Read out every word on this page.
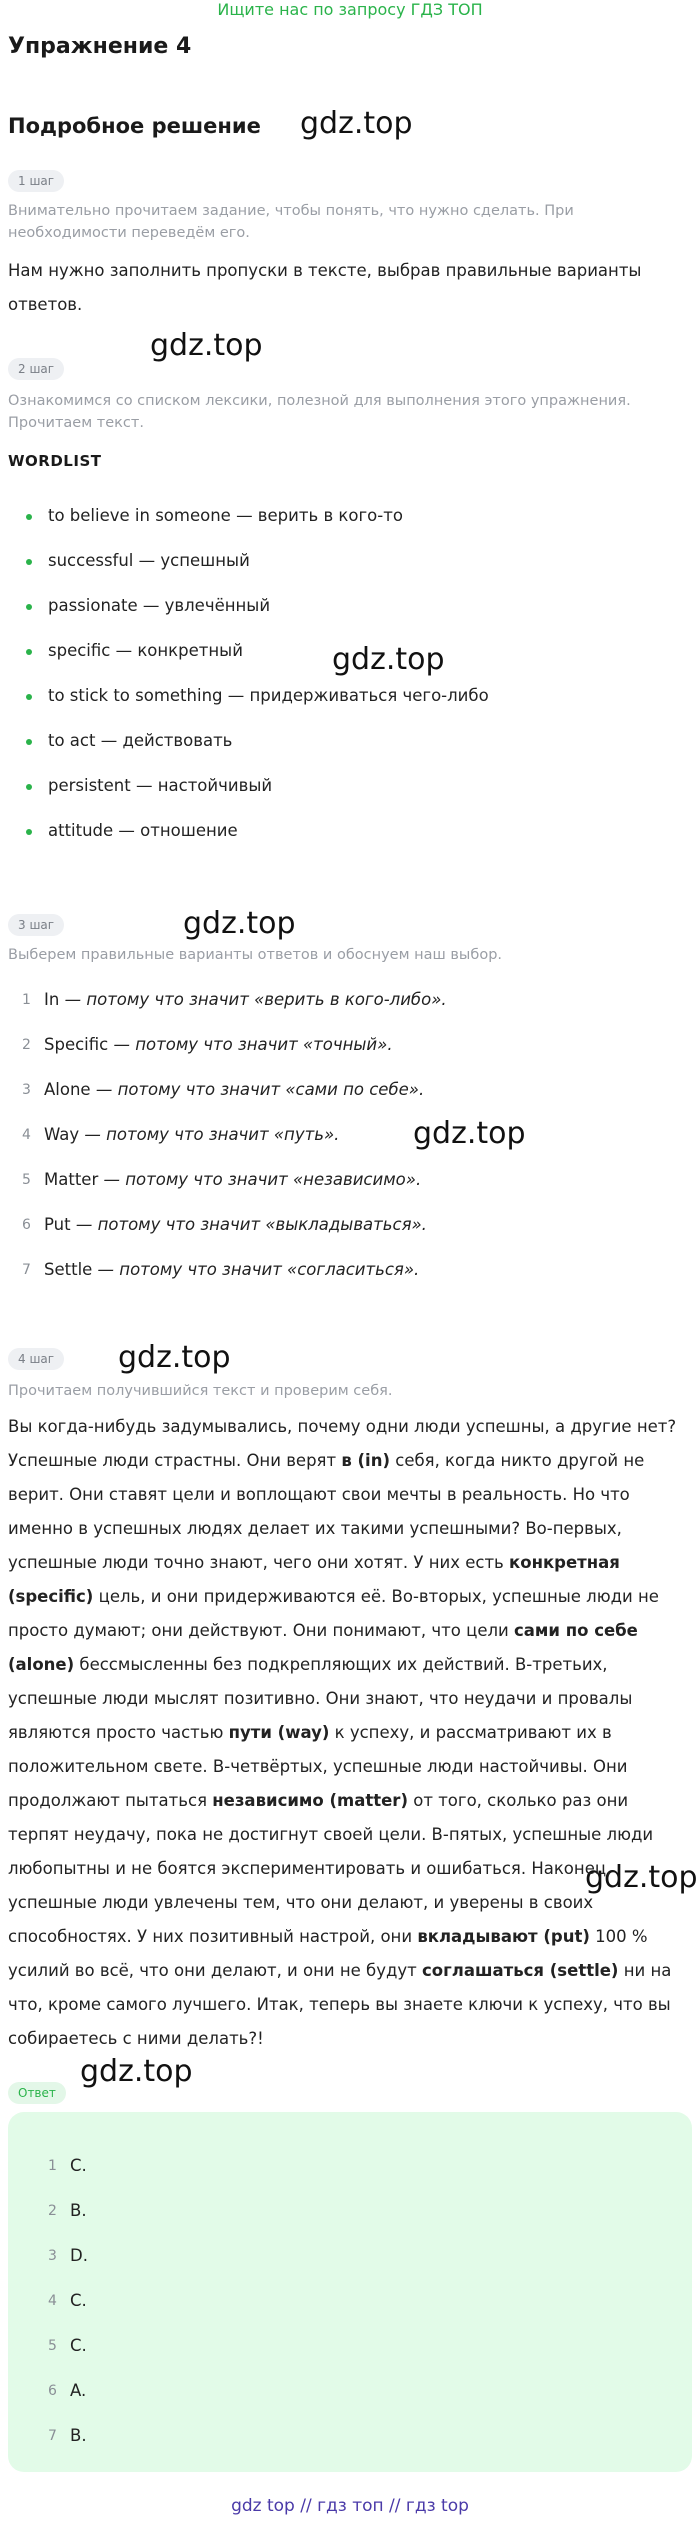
Ищите нас по запросу ГДЗ ТОП
Упражнение 4
Подробное решение gdz.top
gdz.top
gdz.top
gdz.top
gdz.top
gdz.top
gdz.top
gdz.top
1 шаг
Внимательно прочитаем задание, чтобы понять, что нужно сделать. При необходимости переведём его.
Нам нужно заполнить пропуски в тексте, выбрав правильные варианты ответов.
2 шаг
Ознакомимся со списком лексики, полезной для выполнения этого упражнения. Прочитаем текст.
WORDLIST
to believe in someone — верить в кого-то
successful — успешный
passionate — увлечённый
specific — конкретный
to stick to something — придерживаться чего-либо
to act — действовать
persistent — настойчивый
attitude — отношение
3 шаг
Выберем правильные варианты ответов и обоснуем наш выбор.
1 In — потому что значит «верить в кого-либо».
2 Specific — потому что значит «точный».
3 Alone — потому что значит «сами по себе».
4 Way — потому что значит «путь».
5 Matter — потому что значит «независимо».
6 Put — потому что значит «выкладываться».
7 Settle — потому что значит «согласиться».
4 шаг
Прочитаем получившийся текст и проверим себя.
Вы когда-нибудь задумывались, почему одни люди успешны, а другие нет? Успешные люди страстны. Они верят в (in) себя, когда никто другой не верит. Они ставят цели и воплощают свои мечты в реальность. Но что именно в успешных людях делает их такими успешными? Во-первых, успешные люди точно знают, чего они хотят. У них есть конкретная (specific) цель, и они придерживаются её. Во-вторых, успешные люди не просто думают; они действуют. Они понимают, что цели сами по себе (alone) бессмысленны без подкрепляющих их действий. В-третьих, успешные люди мыслят позитивно. Они знают, что неудачи и провалы являются просто частью пути (way) к успеху, и рассматривают их в положительном свете. В-четвёртых, успешные люди настойчивы. Они продолжают пытаться независимо (matter) от того, сколько раз они терпят неудачу, пока не достигнут своей цели. В-пятых, успешные люди любопытны и не боятся экспериментировать и ошибаться. Наконец, успешные люди увлечены тем, что они делают, и уверены в своих способностях. У них позитивный настрой, они вкладывают (put) 100 % усилий во всё, что они делают, и они не будут соглашаться (settle) ни на что, кроме самого лучшего. Итак, теперь вы знаете ключи к успеху, что вы собираетесь с ними делать?!
Ответ
1 C.
2 B.
3 D.
4 C.
5 C.
6 A.
7 B.
gdz top // гдз топ // гдз top
